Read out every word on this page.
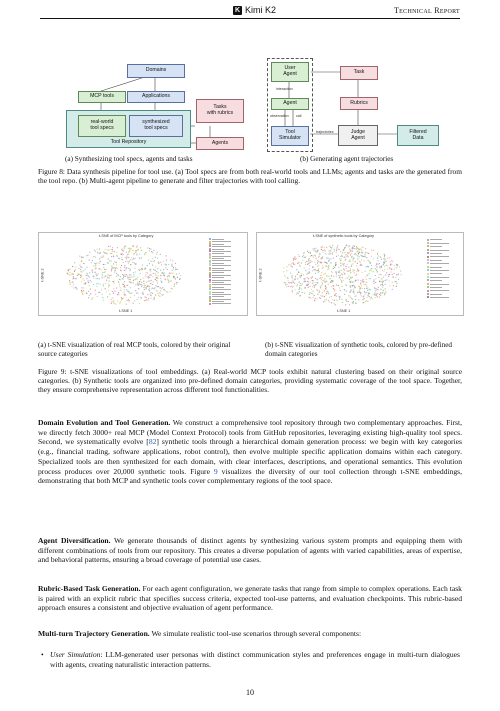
K Kimi K2	Technical Report
Domains
MCP tools	Applications
Tool Repository
real-world
tool specs
synthesized
tool specs
Tasks
with rubrics
Agents
(a) Synthesizing tool specs, agents and tasks
User
Agent
interaction
Agent
observation call
Tool
Simulator
Task
Rubrics
trajectories	Judge
Agent
Filtered
Data
(b) Generating agent trajectories
Figure 8: Data synthesis pipeline for tool use. (a) Tool specs are from both real-world tools and LLMs; agents and tasks are the generated from the tool repo. (b) Multi-agent pipeline to generate and filter trajectories with tool calling.
t-SNE of MCP tools by Category
t-SNE 1
t-SNE 2
t-SNE of synthetic tools by Category
t-SNE 1
t-SNE 2
(a) t-SNE visualization of real MCP tools, colored by their original source categories
(b) t-SNE visualization of synthetic tools, colored by pre-defined domain categories
Figure 9: t-SNE visualizations of tool embeddings. (a) Real-world MCP tools exhibit natural clustering based on their original source categories. (b) Synthetic tools are organized into pre-defined domain categories, providing systematic coverage of the tool space. Together, they ensure comprehensive representation across different tool functionalities.
Domain Evolution and Tool Generation. We construct a comprehensive tool repository through two complementary approaches. First, we directly fetch 3000+ real MCP (Model Context Protocol) tools from GitHub repositories, leveraging existing high-quality tool specs. Second, we systematically evolve [82] synthetic tools through a hierarchical domain generation process: we begin with key categories (e.g., financial trading, software applications, robot control), then evolve multiple specific application domains within each category. Specialized tools are then synthesized for each domain, with clear interfaces, descriptions, and operational semantics. This evolution process produces over 20,000 synthetic tools. Figure 9 visualizes the diversity of our tool collection through t-SNE embeddings, demonstrating that both MCP and synthetic tools cover complementary regions of the tool space.
Agent Diversification. We generate thousands of distinct agents by synthesizing various system prompts and equipping them with different combinations of tools from our repository. This creates a diverse population of agents with varied capabilities, areas of expertise, and behavioral patterns, ensuring a broad coverage of potential use cases.
Rubric-Based Task Generation. For each agent configuration, we generate tasks that range from simple to complex operations. Each task is paired with an explicit rubric that specifies success criteria, expected tool-use patterns, and evaluation checkpoints. This rubric-based approach ensures a consistent and objective evaluation of agent performance.
Multi-turn Trajectory Generation. We simulate realistic tool-use scenarios through several components:
• User Simulation: LLM-generated user personas with distinct communication styles and preferences engage in multi-turn dialogues with agents, creating naturalistic interaction patterns.
10
